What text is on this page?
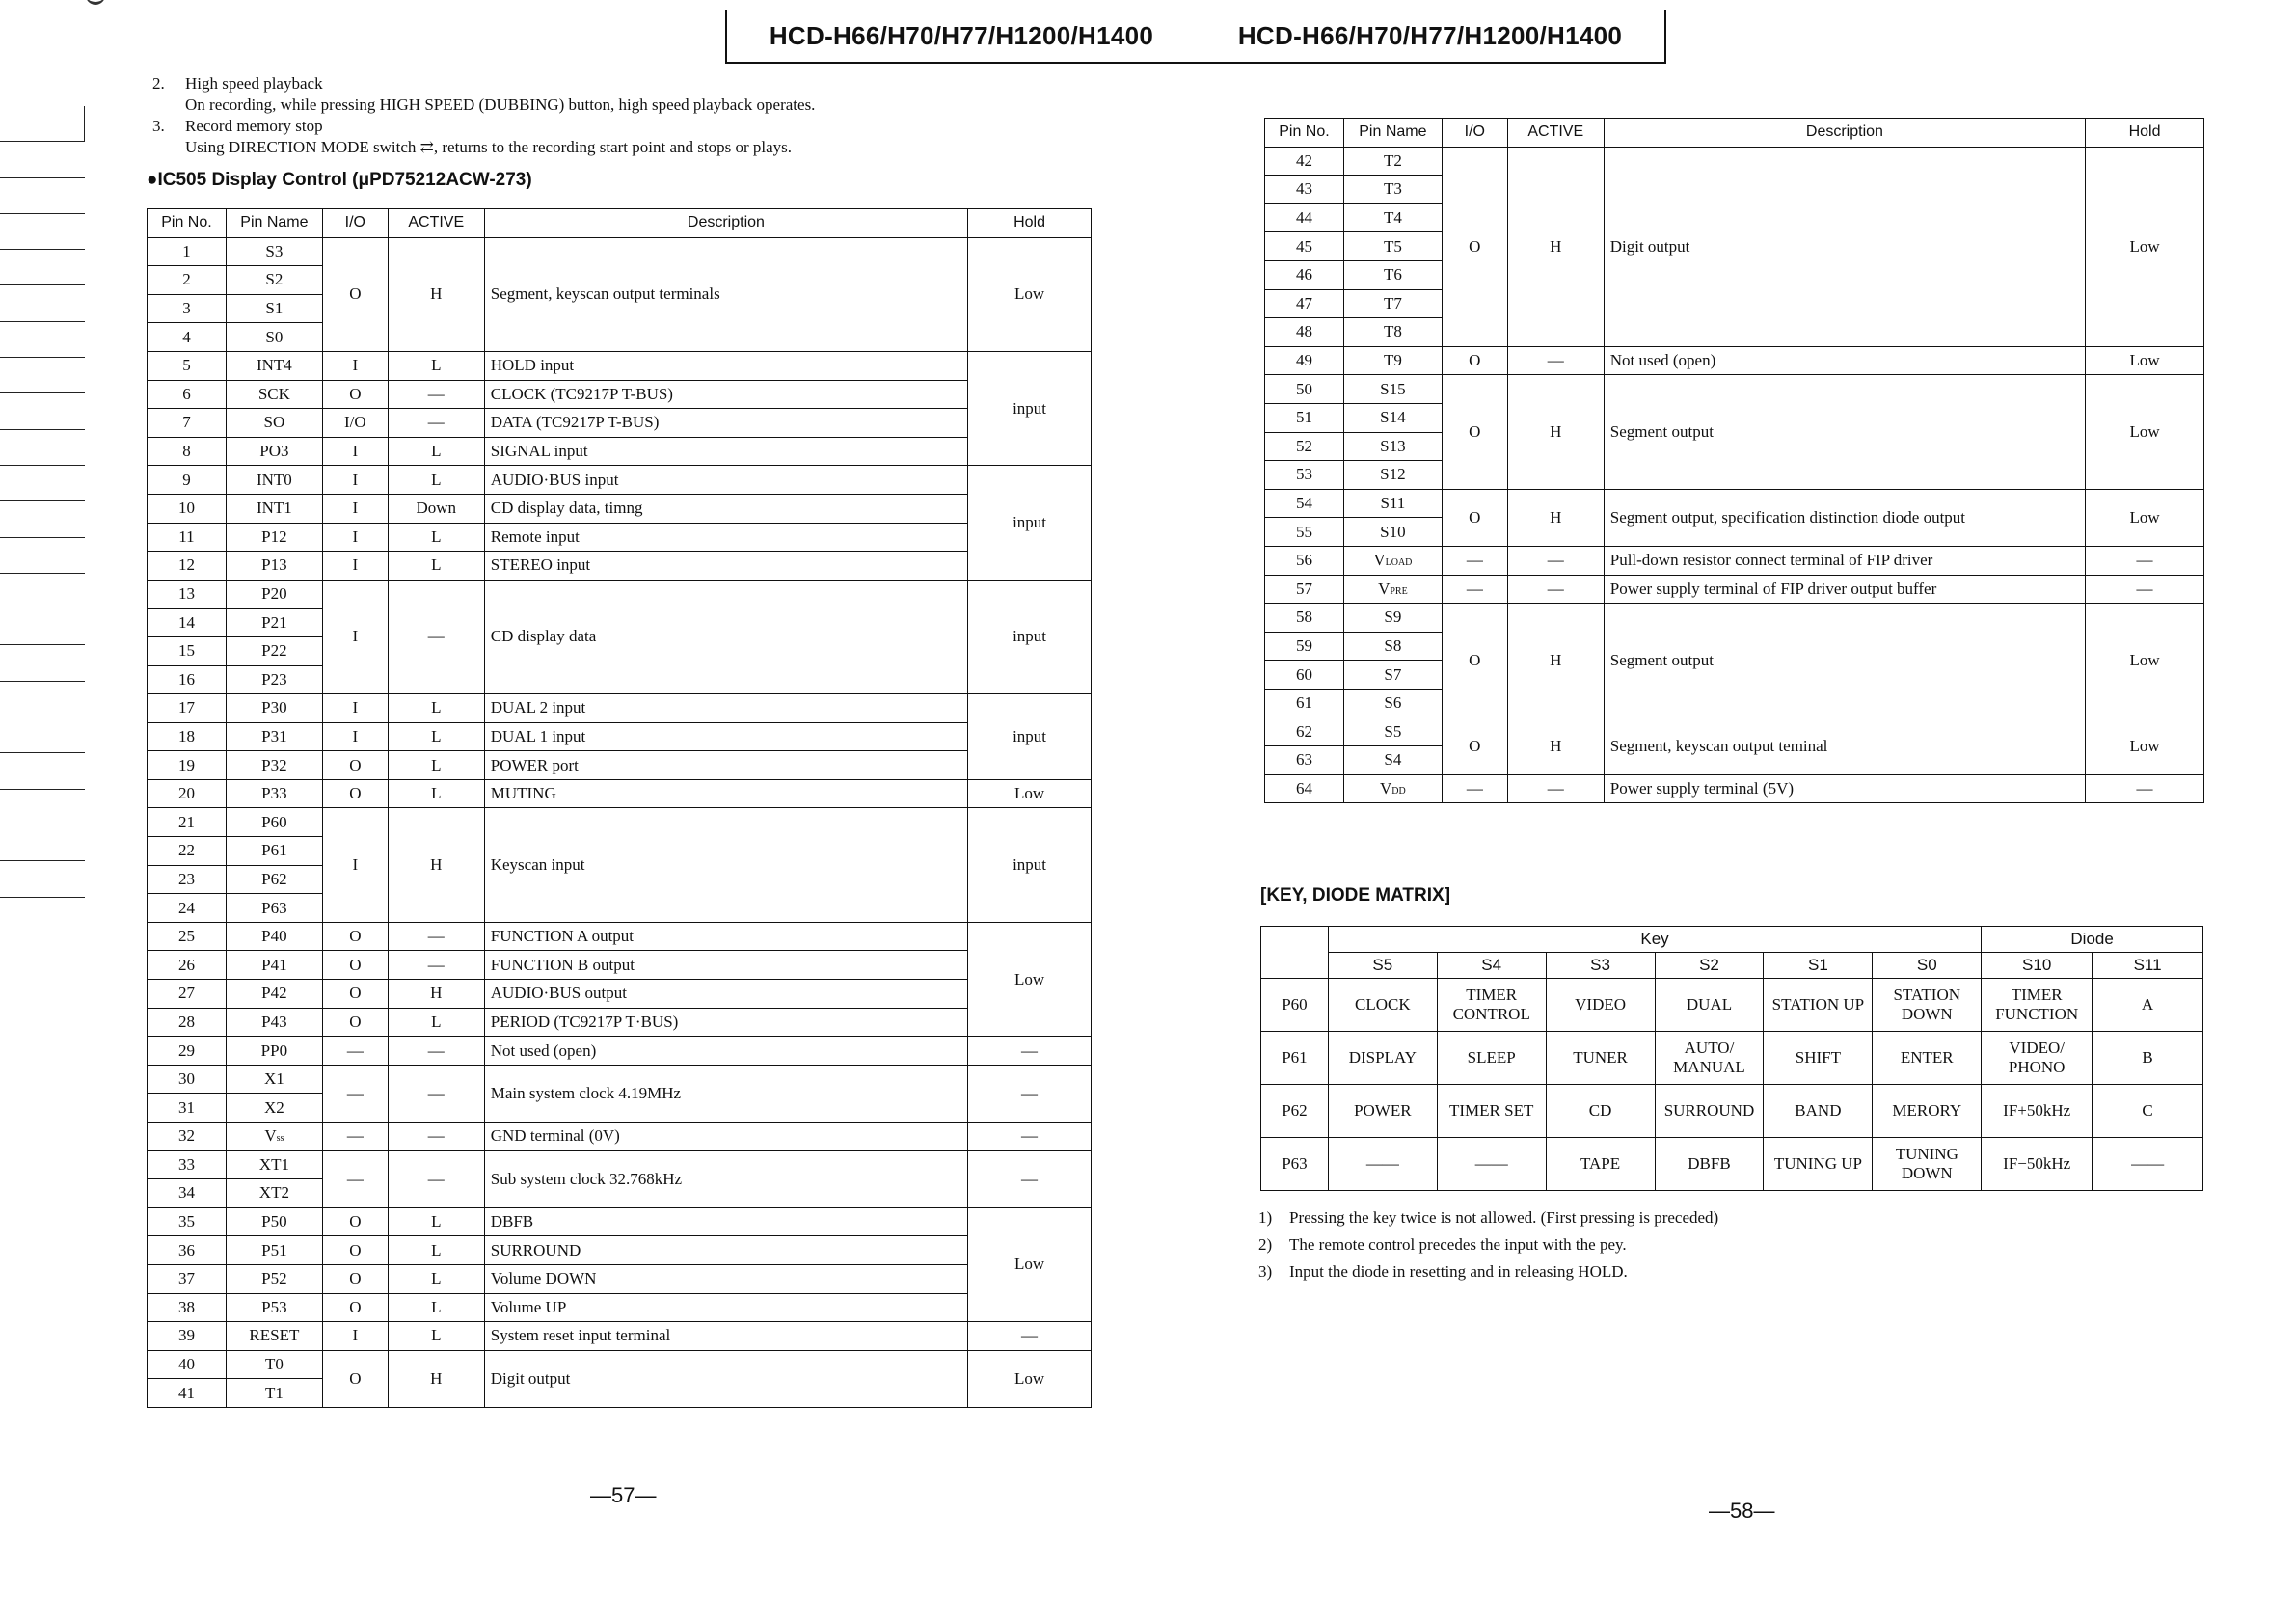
HCD-H66/H70/H77/H1200/H1400	HCD-H66/H70/H77/H1200/H1400
2.	High speed playback
On recording, while pressing HIGH SPEED (DUBBING) button, high speed playback operates.
3.	Record memory stop
Using DIRECTION MODE switch ⇄, returns to the recording start point and stops or plays.
●IC505 Display Control (μPD75212ACW-273)
Pin No.	Pin Name	I/O	ACTIVE	Description	Hold
1	S3	O	H	Segment, keyscan output terminals	Low
2	S2				
3	S1				
4	S0				
5	INT4	I	L	HOLD input	input
6	SCK	O	—	CLOCK (TC9217P T-BUS)	
7	SO	I/O	—	DATA (TC9217P T-BUS)	
8	PO3	I	L	SIGNAL input	
9	INT0	I	L	AUDIO·BUS input	input
10	INT1	I	Down	CD display data, timng	
11	P12	I	L	Remote input	
12	P13	I	L	STEREO input	
13	P20	I	—	CD display data	input
14	P21				
15	P22				
16	P23				
17	P30	I	L	DUAL 2 input	input
18	P31	I	L	DUAL 1 input	
19	P32	O	L	POWER port	
20	P33	O	L	MUTING	Low
21	P60	I	H	Keyscan input	input
22	P61				
23	P62				
24	P63				
25	P40	O	—	FUNCTION A output	Low
26	P41	O	—	FUNCTION B output	
27	P42	O	H	AUDIO·BUS output	
28	P43	O	L	PERIOD (TC9217P T·BUS)	
29	PP0	—	—	Not used (open)	—
30	X1	—	—	Main system clock 4.19MHz	—
31	X2				
32	Vss	—	—	GND terminal (0V)	—
33	XT1	—	—	Sub system clock 32.768kHz	—
34	XT2				
35	P50	O	L	DBFB	Low
36	P51	O	L	SURROUND	
37	P52	O	L	Volume DOWN	
38	P53	O	L	Volume UP	
39	RESET	I	L	System reset input terminal	—
40	T0	O	H	Digit output	Low
41	T1				
Pin No.	Pin Name	I/O	ACTIVE	Description	Hold
42	T2	O	H	Digit output	Low
43	T3				
44	T4				
45	T5				
46	T6				
47	T7				
48	T8				
49	T9	O	—	Not used (open)	Low
50	S15	O	H	Segment output	Low
51	S14				
52	S13				
53	S12				
54	S11	O	H	Segment output, specification distinction diode output	Low
55	S10				
56	VLOAD	—	—	Pull-down resistor connect terminal of FIP driver	—
57	VPRE	—	—	Power supply terminal of FIP driver output buffer	—
58	S9	O	H	Segment output	Low
59	S8				
60	S7				
61	S6				
62	S5	O	H	Segment, keyscan output teminal	Low
63	S4				
64	VDD	—	—	Power supply terminal (5V)	—
[KEY, DIODE MATRIX]
	Key						Diode	
	S5	S4	S3	S2	S1	S0	S10	S11
P60	CLOCK	TIMER CONTROL	VIDEO	DUAL	STATION UP	STATION DOWN	TIMER FUNCTION	A
P61	DISPLAY	SLEEP	TUNER	AUTO/ MANUAL	SHIFT	ENTER	VIDEO/ PHONO	B
P62	POWER	TIMER SET	CD	SURROUND	BAND	MERORY	IF+50kHz	C
P63	——	——	TAPE	DBFB	TUNING UP	TUNING DOWN	IF−50kHz	——
1)	Pressing the key twice is not allowed. (First pressing is preceded)
2)	The remote control precedes the input with the pey.
3)	Input the diode in resetting and in releasing HOLD.
—57—
—58—
